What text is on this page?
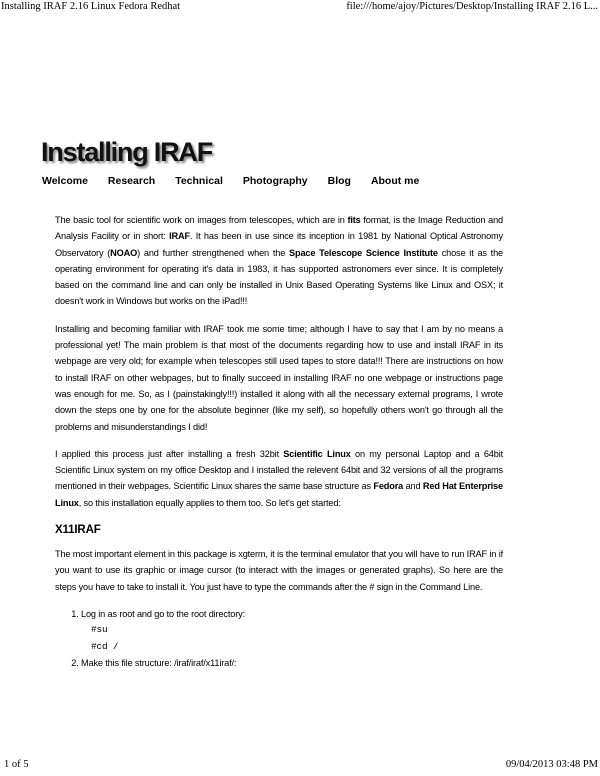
Installing IRAF 2.16 Linux Fedora Redhat	file:///home/ajoy/Pictures/Desktop/Installing IRAF 2.16 L...
Installing IRAF
Welcome Research Technical Photography Blog About me

The basic tool for scientific work on images from telescopes, which are in fits format, is the Image Reduction and Analysis Facility or in short: IRAF. It has been in use since its inception in 1981 by National Optical Astronomy Observatory (NOAO) and further strengthened when the Space Telescope Science Institute chose it as the operating environment for operating it's data in 1983, it has supported astronomers ever since. It is completely based on the command line and can only be installed in Unix Based Operating Systems like Linux and OSX; it doesn't work in Windows but works on the iPad!!!

Installing and becoming familiar with IRAF took me some time; although I have to say that I am by no means a professional yet! The main problem is that most of the documents regarding how to use and install IRAF in its webpage are very old; for example when telescopes still used tapes to store data!!! There are instructions on how to install IRAF on other webpages, but to finally succeed in installing IRAF no one webpage or instructions page was enough for me. So, as I (painstakingly!!!) installed it along with all the necessary external programs, I wrote down the steps one by one for the absolute beginner (like my self), so hopefully others won't go through all the problems and misunderstandings I did!

I applied this process just after installing a fresh 32bit Scientific Linux on my personal Laptop and a 64bit Scientific Linux system on my office Desktop and I installed the relevent 64bit and 32 versions of all the programs mentioned in their webpages. Scientific Linux shares the same base structure as Fedora and Red Hat Enterprise Linux, so this installation equally applies to them too. So let's get started:

X11IRAF

The most important element in this package is xgterm, it is the terminal emulator that you will have to run IRAF in if you want to use its graphic or image cursor (to interact with the images or generated graphs). So here are the steps you have to take to install it. You just have to type the commands after the # sign in the Command Line.

1. Log in as root and go to the root directory:
#su
#cd /
2. Make this file structure: /iraf/iraf/x11iraf/:
1 of 5	09/04/2013 03:48 PM
